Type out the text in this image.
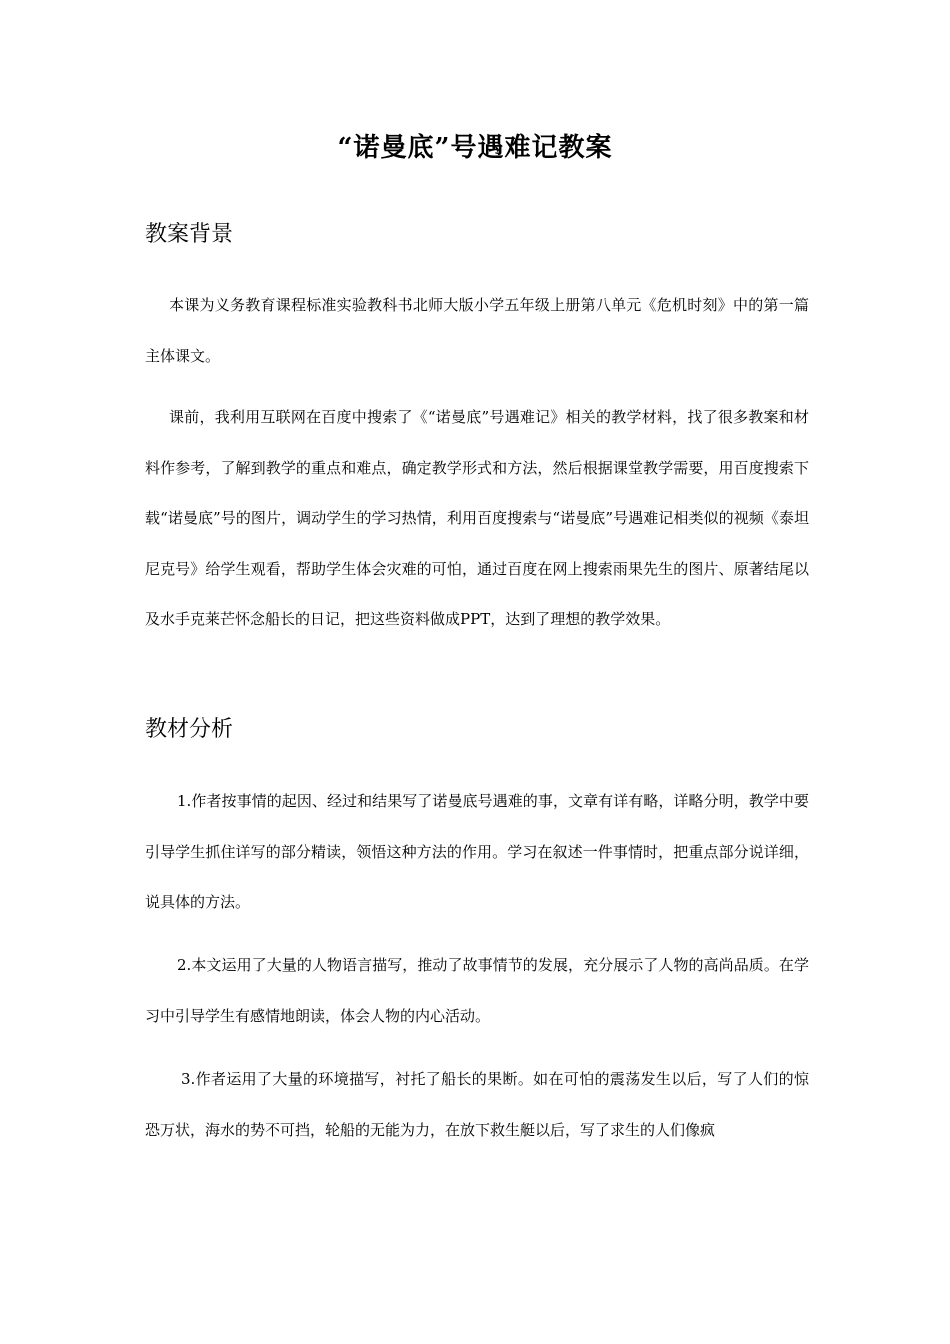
“诺曼底”号遇难记教案
教案背景

本课为义务教育课程标准实验教科书北师大版小学五年级上册第八单元《危机时刻》中的第一篇主体课文。

课前，我利用互联网在百度中搜索了《“诺曼底”号遇难记》相关的教学材料，找了很多教案和材料作参考，了解到教学的重点和难点，确定教学形式和方法，然后根据课堂教学需要，用百度搜索下载“诺曼底”号的图片，调动学生的学习热情，利用百度搜索与“诺曼底”号遇难记相类似的视频《泰坦尼克号》给学生观看，帮助学生体会灾难的可怕，通过百度在网上搜索雨果先生的图片、原著结尾以及水手克莱芒怀念船长的日记，把这些资料做成PPT，达到了理想的教学效果。

教材分析

1.作者按事情的起因、经过和结果写了诺曼底号遇难的事，文章有详有略，详略分明，教学中要引导学生抓住详写的部分精读，领悟这种方法的作用。学习在叙述一件事情时，把重点部分说详细，说具体的方法。

2.本文运用了大量的人物语言描写，推动了故事情节的发展，充分展示了人物的高尚品质。在学习中引导学生有感情地朗读，体会人物的内心活动。

3.作者运用了大量的环境描写，衬托了船长的果断。如在可怕的震荡发生以后，写了人们的惊恐万状，海水的势不可挡，轮船的无能为力，在放下救生艇以后，写了求生的人们像疯
